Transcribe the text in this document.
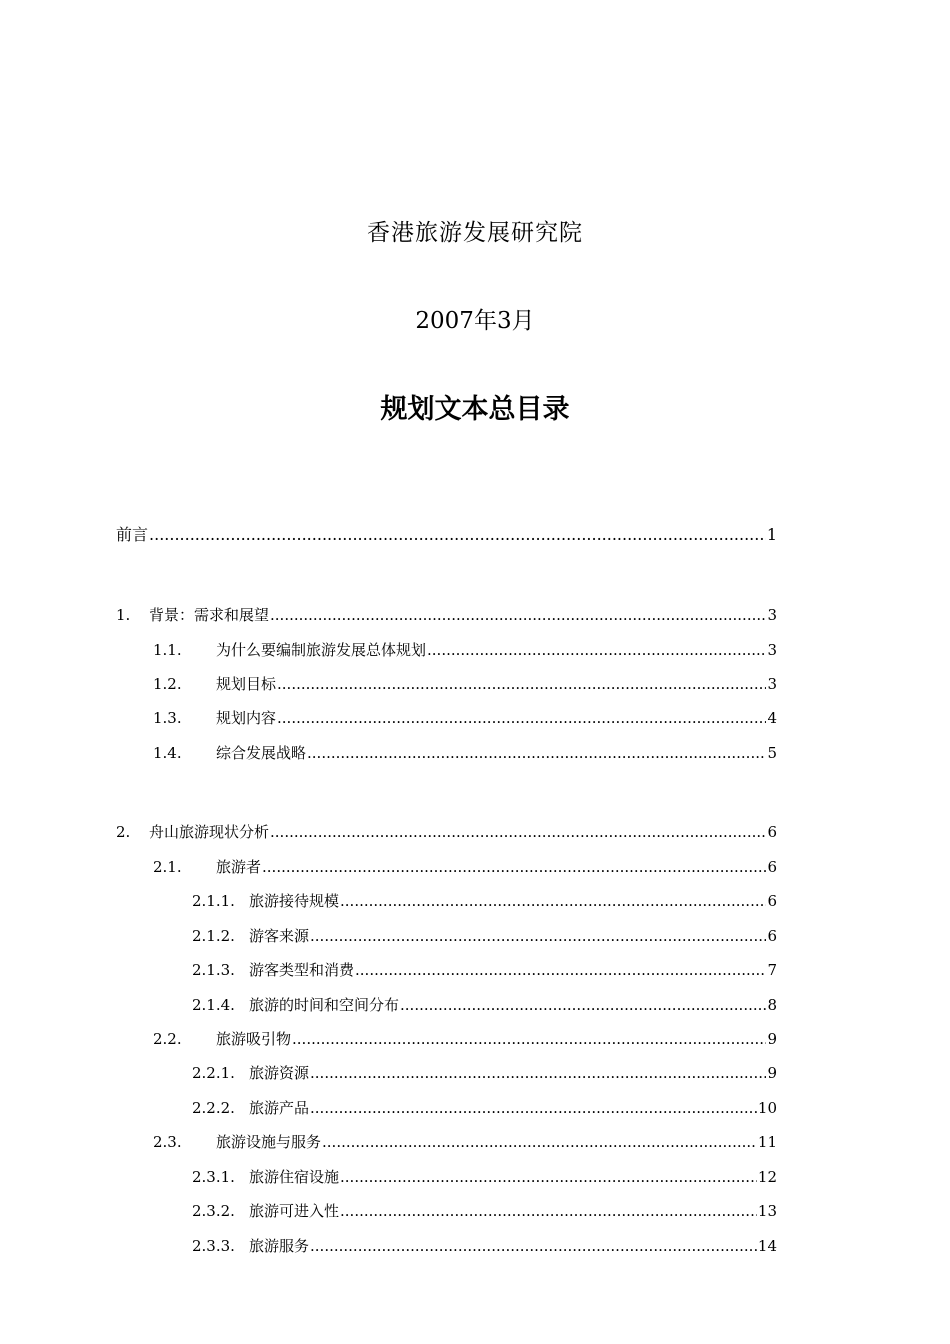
香港旅游发展研究院
2007年3月
规划文本总目录
前言 .....	1
1.	背景：需求和展望 .....	3
1.1.	为什么要编制旅游发展总体规划 .....	3
1.2.	规划目标 .....	3
1.3.	规划内容 .....	4
1.4.	综合发展战略 .....	5
2.	舟山旅游现状分析 .....	6
2.1.	旅游者 .....	6
2.1.1. 旅游接待规模 .....	6
2.1.2. 游客来源 .....	6
2.1.3. 游客类型和消费 .....	7
2.1.4. 旅游的时间和空间分布 .....	8
2.2.	旅游吸引物 .....	9
2.2.1. 旅游资源 .....	9
2.2.2. 旅游产品 .....	10
2.3.	旅游设施与服务 .....	11
2.3.1. 旅游住宿设施 .....	12
2.3.2. 旅游可进入性 .....	13
2.3.3. 旅游服务 .....	14
